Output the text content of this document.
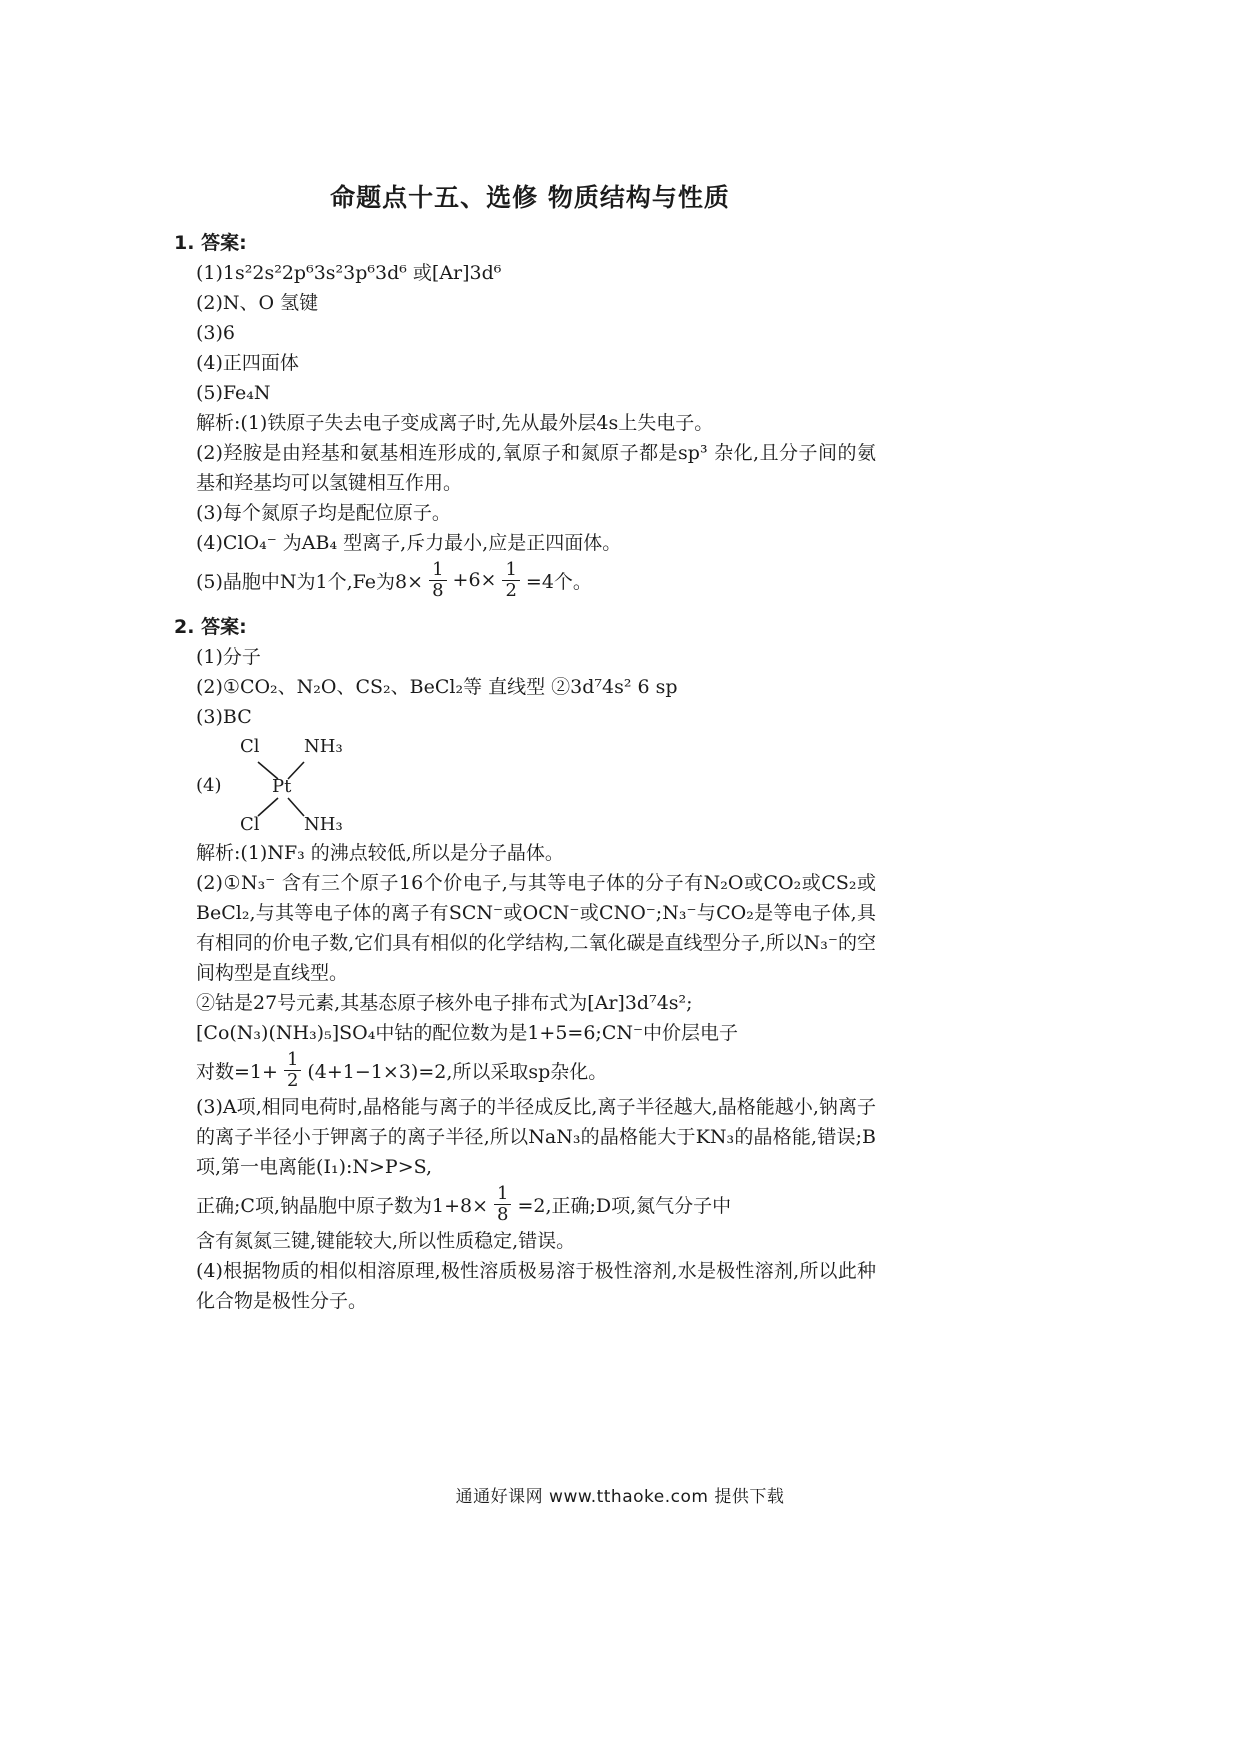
命题点十五、选修 物质结构与性质
1. 答案:
(1)1s²2s²2p⁶3s²3p⁶3d⁶ 或[Ar]3d⁶
(2)N、O 氢键
(3)6
(4)正四面体
(5)Fe₄N
解析:(1)铁原子失去电子变成离子时,先从最外层4s上失电子。
(2)羟胺是由羟基和氨基相连形成的,氧原子和氮原子都是sp³ 杂化,且分子间的氨基和羟基均可以氢键相互作用。
(3)每个氮原子均是配位原子。
(4)ClO₄⁻ 为AB₄ 型离子,斥力最小,应是正四面体。
(5)晶胞中N为1个,Fe为$8\times \frac{1}{8} +6\times \frac{1}{2} =4$个。
2. 答案:
(1)分子
(2)①CO₂、N₂O、CS₂、BeCl₂等 直线型 ②3d⁷4s² 6 sp
(3)BC
(4)
Cl NH₃
Pt
Cl NH₃
解析:(1)NF₃ 的沸点较低,所以是分子晶体。
(2)①N₃⁻ 含有三个原子16个价电子,与其等电子体的分子有N₂O或CO₂或CS₂或BeCl₂,与其等电子体的离子有SCN⁻或OCN⁻或CNO⁻;N₃⁻与CO₂是等电子体,具有相同的价电子数,它们具有相似的化学结构,二氧化碳是直线型分子,所以N₃⁻的空间构型是直线型。
②钴是27号元素,其基态原子核外电子排布式为[Ar]3d⁷4s²;
[Co(N₃)(NH₃)₅]SO₄中钴的配位数为是1+5=6;CN⁻中价层电子
对数$=1+ \frac{1}{2} (4+1-1\times 3)=2$,所以采取sp杂化。
(3)A项,相同电荷时,晶格能与离子的半径成反比,离子半径越大,晶格能越小,钠离子的离子半径小于钾离子的离子半径,所以NaN₃的晶格能大于KN₃的晶格能,错误;B项,第一电离能(I₁):N>P>S,
正确;C项,钠晶胞中原子数为$1+8\times \frac{1}{8} =2$,正确;D项,氮气分子中
含有氮氮三键,键能较大,所以性质稳定,错误。
(4)根据物质的相似相溶原理,极性溶质极易溶于极性溶剂,水是极性溶剂,所以此种化合物是极性分子。
通通好课网 www.tthaoke.com 提供下载
